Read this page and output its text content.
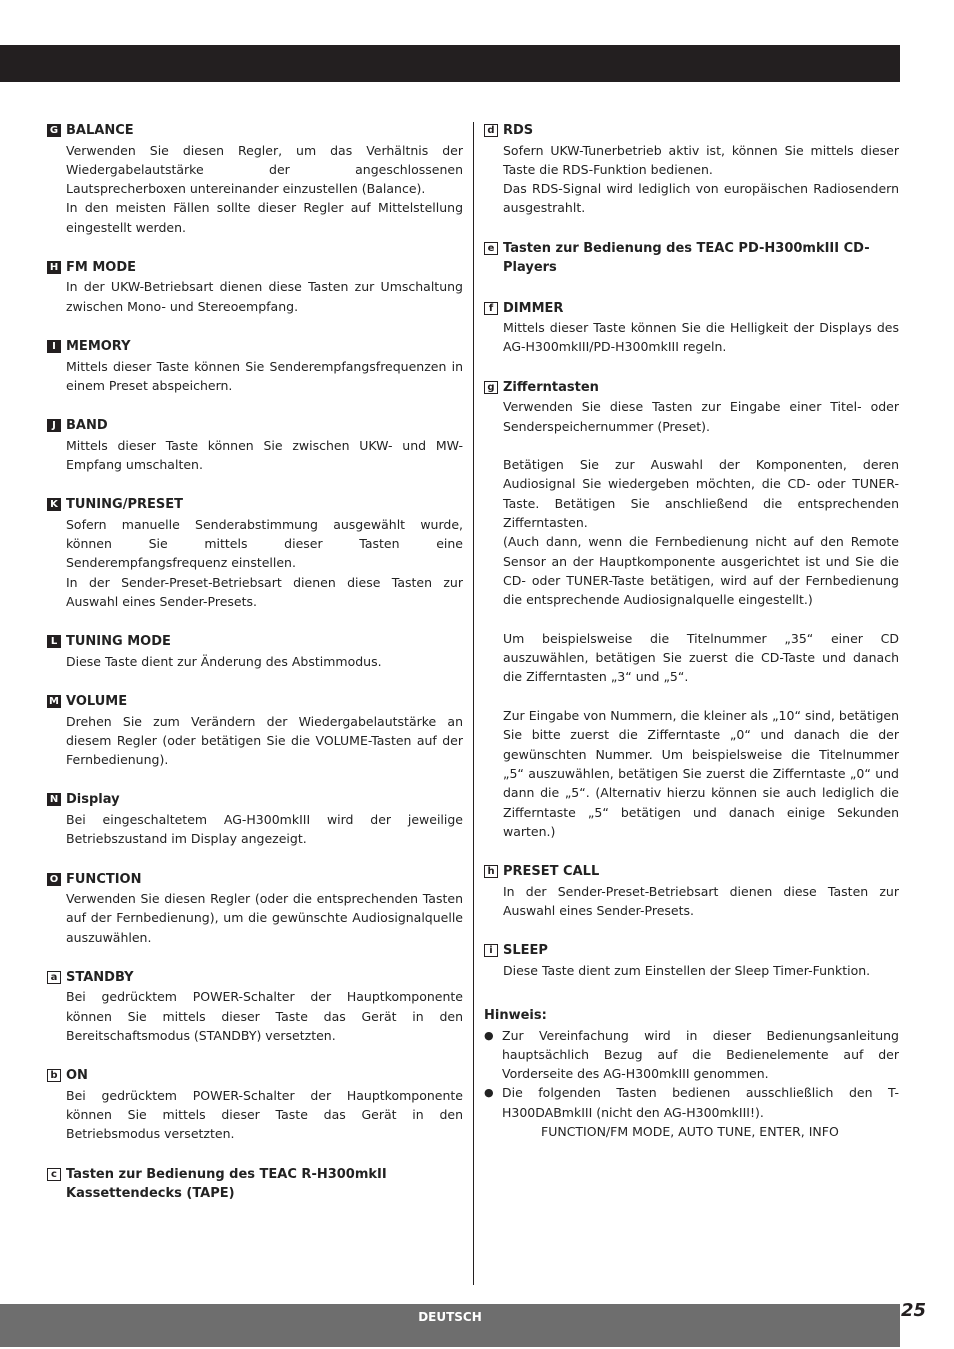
G BALANCE

Verwenden Sie diesen Regler, um das Verhältnis der Wiedergabelautstärke der angeschlossenen Lautsprecherboxen untereinander einzustellen (Balance).

In den meisten Fällen sollte dieser Regler auf Mittelstellung eingestellt werden.

H FM MODE

In der UKW-Betriebsart dienen diese Tasten zur Umschaltung zwischen Mono- und Stereoempfang.

I MEMORY

Mittels dieser Taste können Sie Senderempfangsfrequenzen in einem Preset abspeichern.

J BAND

Mittels dieser Taste können Sie zwischen UKW- und MW-Empfang umschalten.

K TUNING/PRESET

Sofern manuelle Senderabstimmung ausgewählt wurde, können Sie mittels dieser Tasten eine Senderempfangsfrequenz einstellen.

In der Sender-Preset-Betriebsart dienen diese Tasten zur Auswahl eines Sender-Presets.

L TUNING MODE

Diese Taste dient zur Änderung des Abstimmodus.

M VOLUME

Drehen Sie zum Verändern der Wiedergabelautstärke an diesem Regler (oder betätigen Sie die VOLUME-Tasten auf der Fernbedienung).

N Display

Bei eingeschaltetem AG-H300mkIII wird der jeweilige Betriebszustand im Display angezeigt.

O FUNCTION

Verwenden Sie diesen Regler (oder die entsprechenden Tasten auf der Fernbedienung), um die gewünschte Audiosignalquelle auszuwählen.

a STANDBY

Bei gedrücktem POWER-Schalter der Hauptkomponente können Sie mittels dieser Taste das Gerät in den Bereitschaftsmodus (STANDBY) versetzten.

b ON

Bei gedrücktem POWER-Schalter der Hauptkomponente können Sie mittels dieser Taste das Gerät in den Betriebsmodus versetzten.

c Tasten zur Bedienung des TEAC R-H300mkII Kassettendecks (TAPE)
d RDS

Sofern UKW-Tunerbetrieb aktiv ist, können Sie mittels dieser Taste die RDS-Funktion bedienen.

Das RDS-Signal wird lediglich von europäischen Radiosendern ausgestrahlt.

e Tasten zur Bedienung des TEAC PD-H300mkIII CD-Players
f DIMMER

Mittels dieser Taste können Sie die Helligkeit der Displays des AG-H300mkIII/PD-H300mkIII regeln.

g Zifferntasten

Verwenden Sie diese Tasten zur Eingabe einer Titel- oder Senderspeichernummer (Preset).

Betätigen Sie zur Auswahl der Komponenten, deren Audiosignal Sie wiedergeben möchten, die CD- oder TUNER-Taste. Betätigen Sie anschließend die entsprechenden Zifferntasten.

(Auch dann, wenn die Fernbedienung nicht auf den Remote Sensor an der Hauptkomponente ausgerichtet ist und Sie die CD- oder TUNER-Taste betätigen, wird auf der Fernbedienung die entsprechende Audiosignalquelle eingestellt.)

Um beispielsweise die Titelnummer „35“ einer CD auszuwählen, betätigen Sie zuerst die CD-Taste und danach die Zifferntasten „3“ und „5“.

Zur Eingabe von Nummern, die kleiner als „10“ sind, betätigen Sie bitte zuerst die Zifferntaste „0“ und danach die der gewünschten Nummer. Um beispielsweise die Titelnummer „5“ auszuwählen, betätigen Sie zuerst die Zifferntaste „0“ und dann die „5“. (Alternativ hierzu können sie auch lediglich die Zifferntaste „5“ betätigen und danach einige Sekunden warten.)

h PRESET CALL

In der Sender-Preset-Betriebsart dienen diese Tasten zur Auswahl eines Sender-Presets.

i SLEEP

Diese Taste dient zum Einstellen der Sleep Timer-Funktion.

Hinweis:
● Zur Vereinfachung wird in dieser Bedienungsanleitung hauptsächlich Bezug auf die Bedienelemente auf der Vorderseite des AG-H300mkIII genommen.
● Die folgenden Tasten bedienen ausschließlich den T-H300DABmkIII (nicht den AG-H300mkIII!).
FUNCTION/FM MODE, AUTO TUNE, ENTER, INFO
DEUTSCH	25
